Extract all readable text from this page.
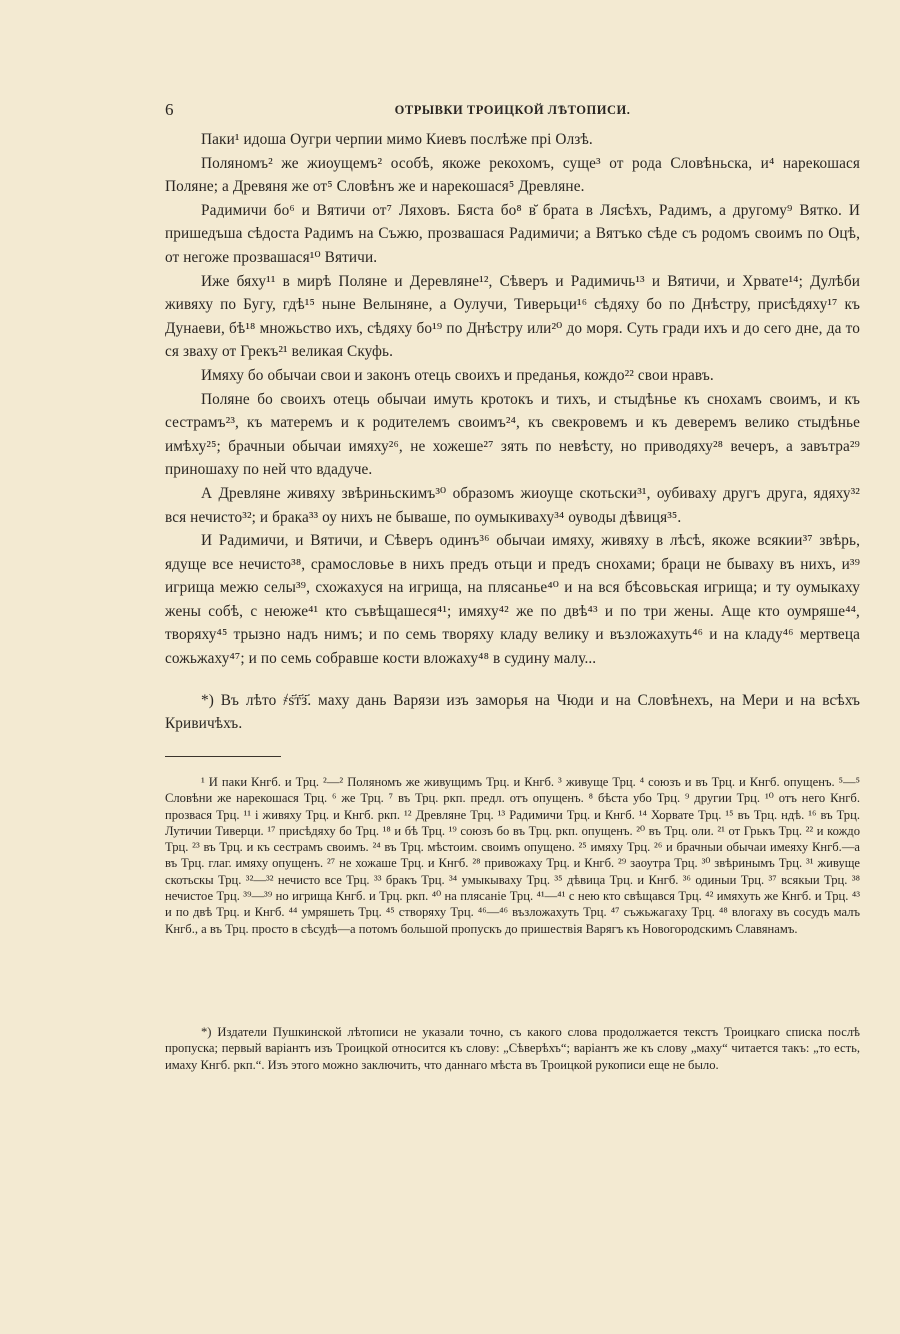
6	ОТРЫВКИ ТРОИЦКОЙ ЛѢТОПИСИ.

Паки¹ идоша Оугри черпии мимо Киевъ послѣже прі Олзѣ.

Поляномъ² же жиоущемъ² особѣ, якоже рекохомъ, суще³ от рода Словѣньска, и⁴ нарекошася Поляне; а Древяня же от⁵ Словѣнъ же и нарекошася⁵ Древляне.

Радимичи бо⁶ и Вятичи от⁷ Ляховъ. Бяста бо⁸ в̆ брата в Лясѣхъ, Радимъ, а другому⁹ Вятко. И пришедъша сѣдоста Радимъ на Съжю, прозвашася Радимичи; а Вятъко сѣде съ родомъ своимъ по Оцѣ, от негоже прозвашася¹⁰ Вятичи.

Иже бяху¹¹ в мирѣ Поляне и Деревляне¹², Сѣверъ и Радимичь¹³ и Вятичи, и Хрвате¹⁴; Дулѣби живяху по Бугу, гдѣ¹⁵ ныне Велыняне, а Оулучи, Тиверьци¹⁶ сѣдяху бо по Днѣстру, присѣдяху¹⁷ къ Дунаеви, бѣ¹⁸ множьство ихъ, сѣдяху бо¹⁹ по Днѣстру или²⁰ до моря. Суть гради ихъ и до сего дне, да то ся зваху от Грекъ²¹ великая Скуфь.

Имяху бо обычаи свои и законъ отець своихъ и преданья, кождо²² свои нравъ.

Поляне бо своихъ отець обычаи имуть кротокъ и тихъ, и стыдѣнье къ снохамъ своимъ, и къ сестрамъ²³, къ матеремъ и к родителемъ своимъ²⁴, къ свекровемъ и къ деверемъ велико стыдѣнье имѣху²⁵; брачныи обычаи имяху²⁶, не хожеше²⁷ зять по невѣсту, но приводяху²⁸ вечеръ, а завътра²⁹ приношаху по ней что вдадуче.

А Древляне живяху звѣриньскимъ³⁰ образомъ жиоуще скотьски³¹, оубиваху другъ друга, ядяху³² вся нечисто³²; и брака³³ оу нихъ не бываше, по оумыкиваху³⁴ оуводы дѣвиця³⁵.

И Радимичи, и Вятичи, и Сѣверъ одинъ³⁶ обычаи имяху, живяху в лѣсѣ, якоже всякии³⁷ звѣрь, ядуще все нечисто³⁸, срамословье в нихъ предъ отьци и предъ снохами; браци не бываху въ нихъ, и³⁹ игрища межю селы³⁹, схожахуся на игрища, на плясанье⁴⁰ и на вся бѣсовьская игрища; и ту оумыкаху жены собѣ, с неюже⁴¹ кто съвѣщашеся⁴¹; имяху⁴² же по двѣ⁴³ и по три жены. Аще кто оумряше⁴⁴, творяху⁴⁵ трызно надъ нимъ; и по семь творяху кладу велику и възложахуть⁴⁶ и на кладу⁴⁶ мертвеца сожьжаху⁴⁷; и по семь собравше кости вложаху⁴⁸ в судину малу...

*) Въ лѣто ҂ѕ҃т҃з҃. маху дань Варязи изъ заморья на Чюди и на Словѣнехъ, на Мери и на всѣхъ Кривичѣхъ.

¹ И паки Кнгб. и Трц. ²—² Поляномъ же живущимъ Трц. и Кнгб. ³ живуще Трц. ⁴ союзъ и въ Трц. и Кнгб. опущенъ. ⁵—⁵ Словѣни же нарекошася Трц. ⁶ же Трц. ⁷ въ Трц. ркп. предл. отъ опущенъ. ⁸ бѣста убо Трц. ⁹ другии Трц. ¹⁰ отъ него Кнгб. прозвася Трц. ¹¹ і живяху Трц. и Кнгб. ркп. ¹² Древляне Трц. ¹³ Радимичи Трц. и Кнгб. ¹⁴ Хорвате Трц. ¹⁵ въ Трц. ндѣ. ¹⁶ въ Трц. Лутичии Тиверци. ¹⁷ присѣдяху бо Трц. ¹⁸ и бѣ Трц. ¹⁹ союзъ бо въ Трц. ркп. опущенъ. ²⁰ въ Трц. оли. ²¹ от Грькъ Трц. ²² и кождо Трц. ²³ въ Трц. и къ сестрамъ своимъ. ²⁴ въ Трц. мѣстоим. своимъ опущено. ²⁵ имяху Трц. ²⁶ и брачныи обычаи имеяху Кнгб.—а въ Трц. глаг. имяху опущенъ. ²⁷ не хожаше Трц. и Кнгб. ²⁸ привожаху Трц. и Кнгб. ²⁹ заоутра Трц. ³⁰ звѣринымъ Трц. ³¹ живуще скотьскы Трц. ³²—³² нечисто все Трц. ³³ бракъ Трц. ³⁴ умыкываху Трц. ³⁵ дѣвица Трц. и Кнгб. ³⁶ одиныи Трц. ³⁷ всякыи Трц. ³⁸ нечистое Трц. ³⁹—³⁹ но игрища Кнгб. и Трц. ркп. ⁴⁰ на плясаніе Трц. ⁴¹—⁴¹ с нею кто свѣщався Трц. ⁴² имяхуть же Кнгб. и Трц. ⁴³ и по двѣ Трц. и Кнгб. ⁴⁴ умряшеть Трц. ⁴⁵ створяху Трц. ⁴⁶—⁴⁶ възложахуть Трц. ⁴⁷ съжьжагаху Трц. ⁴⁸ влогаху въ сосудъ малъ Кнгб., а въ Трц. просто в сѣсудѣ—а потомъ большой пропускъ до пришествія Варягъ къ Новогородскимъ Славянамъ.

*) Издатели Пушкинской лѣтописи не указали точно, съ какого слова продолжается текстъ Троицкаго списка послѣ пропуска; первый варіантъ изъ Троицкой относится къ слову: „Сѣверѣхъ“; варіантъ же къ слову „маху“ читается такъ: „то есть, имаху Кнгб. ркп.“. Изъ этого можно заключить, что даннаго мѣста въ Троицкой рукописи еще не было.
